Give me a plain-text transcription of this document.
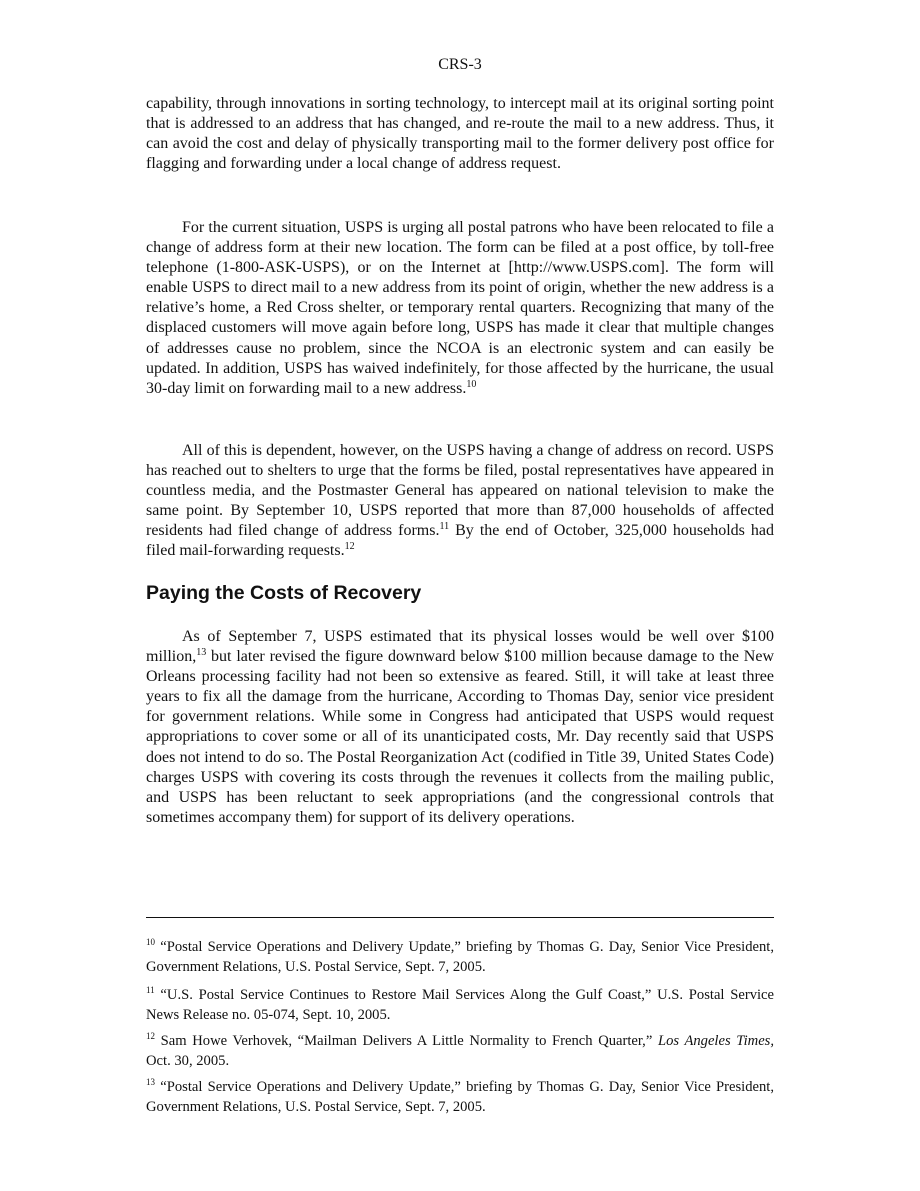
CRS-3

capability, through innovations in sorting technology, to intercept mail at its original sorting point that is addressed to an address that has changed, and re-route the mail to a new address. Thus, it can avoid the cost and delay of physically transporting mail to the former delivery post office for flagging and forwarding under a local change of address request.

For the current situation, USPS is urging all postal patrons who have been relocated to file a change of address form at their new location. The form can be filed at a post office, by toll-free telephone (1-800-ASK-USPS), or on the Internet at [http://www.USPS.com]. The form will enable USPS to direct mail to a new address from its point of origin, whether the new address is a relative’s home, a Red Cross shelter, or temporary rental quarters. Recognizing that many of the displaced customers will move again before long, USPS has made it clear that multiple changes of addresses cause no problem, since the NCOA is an electronic system and can easily be updated. In addition, USPS has waived indefinitely, for those affected by the hurricane, the usual 30-day limit on forwarding mail to a new address.$^{10}$

All of this is dependent, however, on the USPS having a change of address on record. USPS has reached out to shelters to urge that the forms be filed, postal representatives have appeared in countless media, and the Postmaster General has appeared on national television to make the same point. By September 10, USPS reported that more than 87,000 households of affected residents had filed change of address forms.$^{11}$ By the end of October, 325,000 households had filed mail-forwarding requests.$^{12}$

Paying the Costs of Recovery

As of September 7, USPS estimated that its physical losses would be well over $100 million,$^{13}$ but later revised the figure downward below $100 million because damage to the New Orleans processing facility had not been so extensive as feared. Still, it will take at least three years to fix all the damage from the hurricane, According to Thomas Day, senior vice president for government relations. While some in Congress had anticipated that USPS would request appropriations to cover some or all of its unanticipated costs, Mr. Day recently said that USPS does not intend to do so. The Postal Reorganization Act (codified in Title 39, United States Code) charges USPS with covering its costs through the revenues it collects from the mailing public, and USPS has been reluctant to seek appropriations (and the congressional controls that sometimes accompany them) for support of its delivery operations.

$^{10}$ “Postal Service Operations and Delivery Update,” briefing by Thomas G. Day, Senior Vice President, Government Relations, U.S. Postal Service, Sept. 7, 2005.

$^{11}$ “U.S. Postal Service Continues to Restore Mail Services Along the Gulf Coast,” U.S. Postal Service News Release no. 05-074, Sept. 10, 2005.

$^{12}$ Sam Howe Verhovek, “Mailman Delivers A Little Normality to French Quarter,” Los Angeles Times, Oct. 30, 2005.

$^{13}$ “Postal Service Operations and Delivery Update,” briefing by Thomas G. Day, Senior Vice President, Government Relations, U.S. Postal Service, Sept. 7, 2005.
